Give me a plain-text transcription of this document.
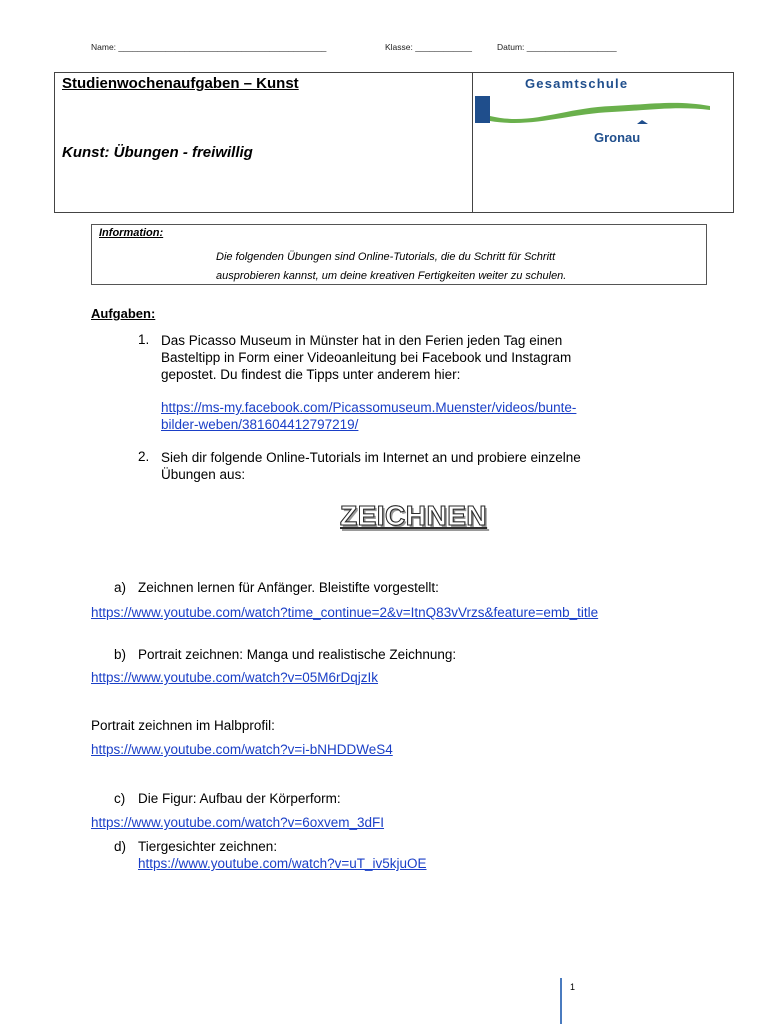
Name: ____________________________________________	Klasse: ____________	Datum: ___________________
Studienwochenaufgaben – Kunst
Kunst: Übungen - freiwillig
Gesamtschule
Gronau
Information:
Die folgenden Übungen sind Online-Tutorials, die du Schritt für Schritt
ausprobieren kannst, um deine kreativen Fertigkeiten weiter zu schulen.
Aufgaben:
1. Das Picasso Museum in Münster hat in den Ferien jeden Tag einen
Basteltipp in Form einer Videoanleitung bei Facebook und Instagram
gepostet. Du findest die Tipps unter anderem hier:
https://ms-my.facebook.com/Picassomuseum.Muenster/videos/bunte-
bilder-weben/381604412797219/
2. Sieh dir folgende Online-Tutorials im Internet an und probiere einzelne
Übungen aus:
ZEICHNEN
a) Zeichnen lernen für Anfänger. Bleistifte vorgestellt:
https://www.youtube.com/watch?time_continue=2&v=ItnQ83vVrzs&feature=emb_title
b) Portrait zeichnen: Manga und realistische Zeichnung:
https://www.youtube.com/watch?v=05M6rDqjzIk
Portrait zeichnen im Halbprofil:
https://www.youtube.com/watch?v=i-bNHDDWeS4
c) Die Figur: Aufbau der Körperform:
https://www.youtube.com/watch?v=6oxvem_3dFI
d) Tiergesichter zeichnen:
https://www.youtube.com/watch?v=uT_iv5kjuOE
1
